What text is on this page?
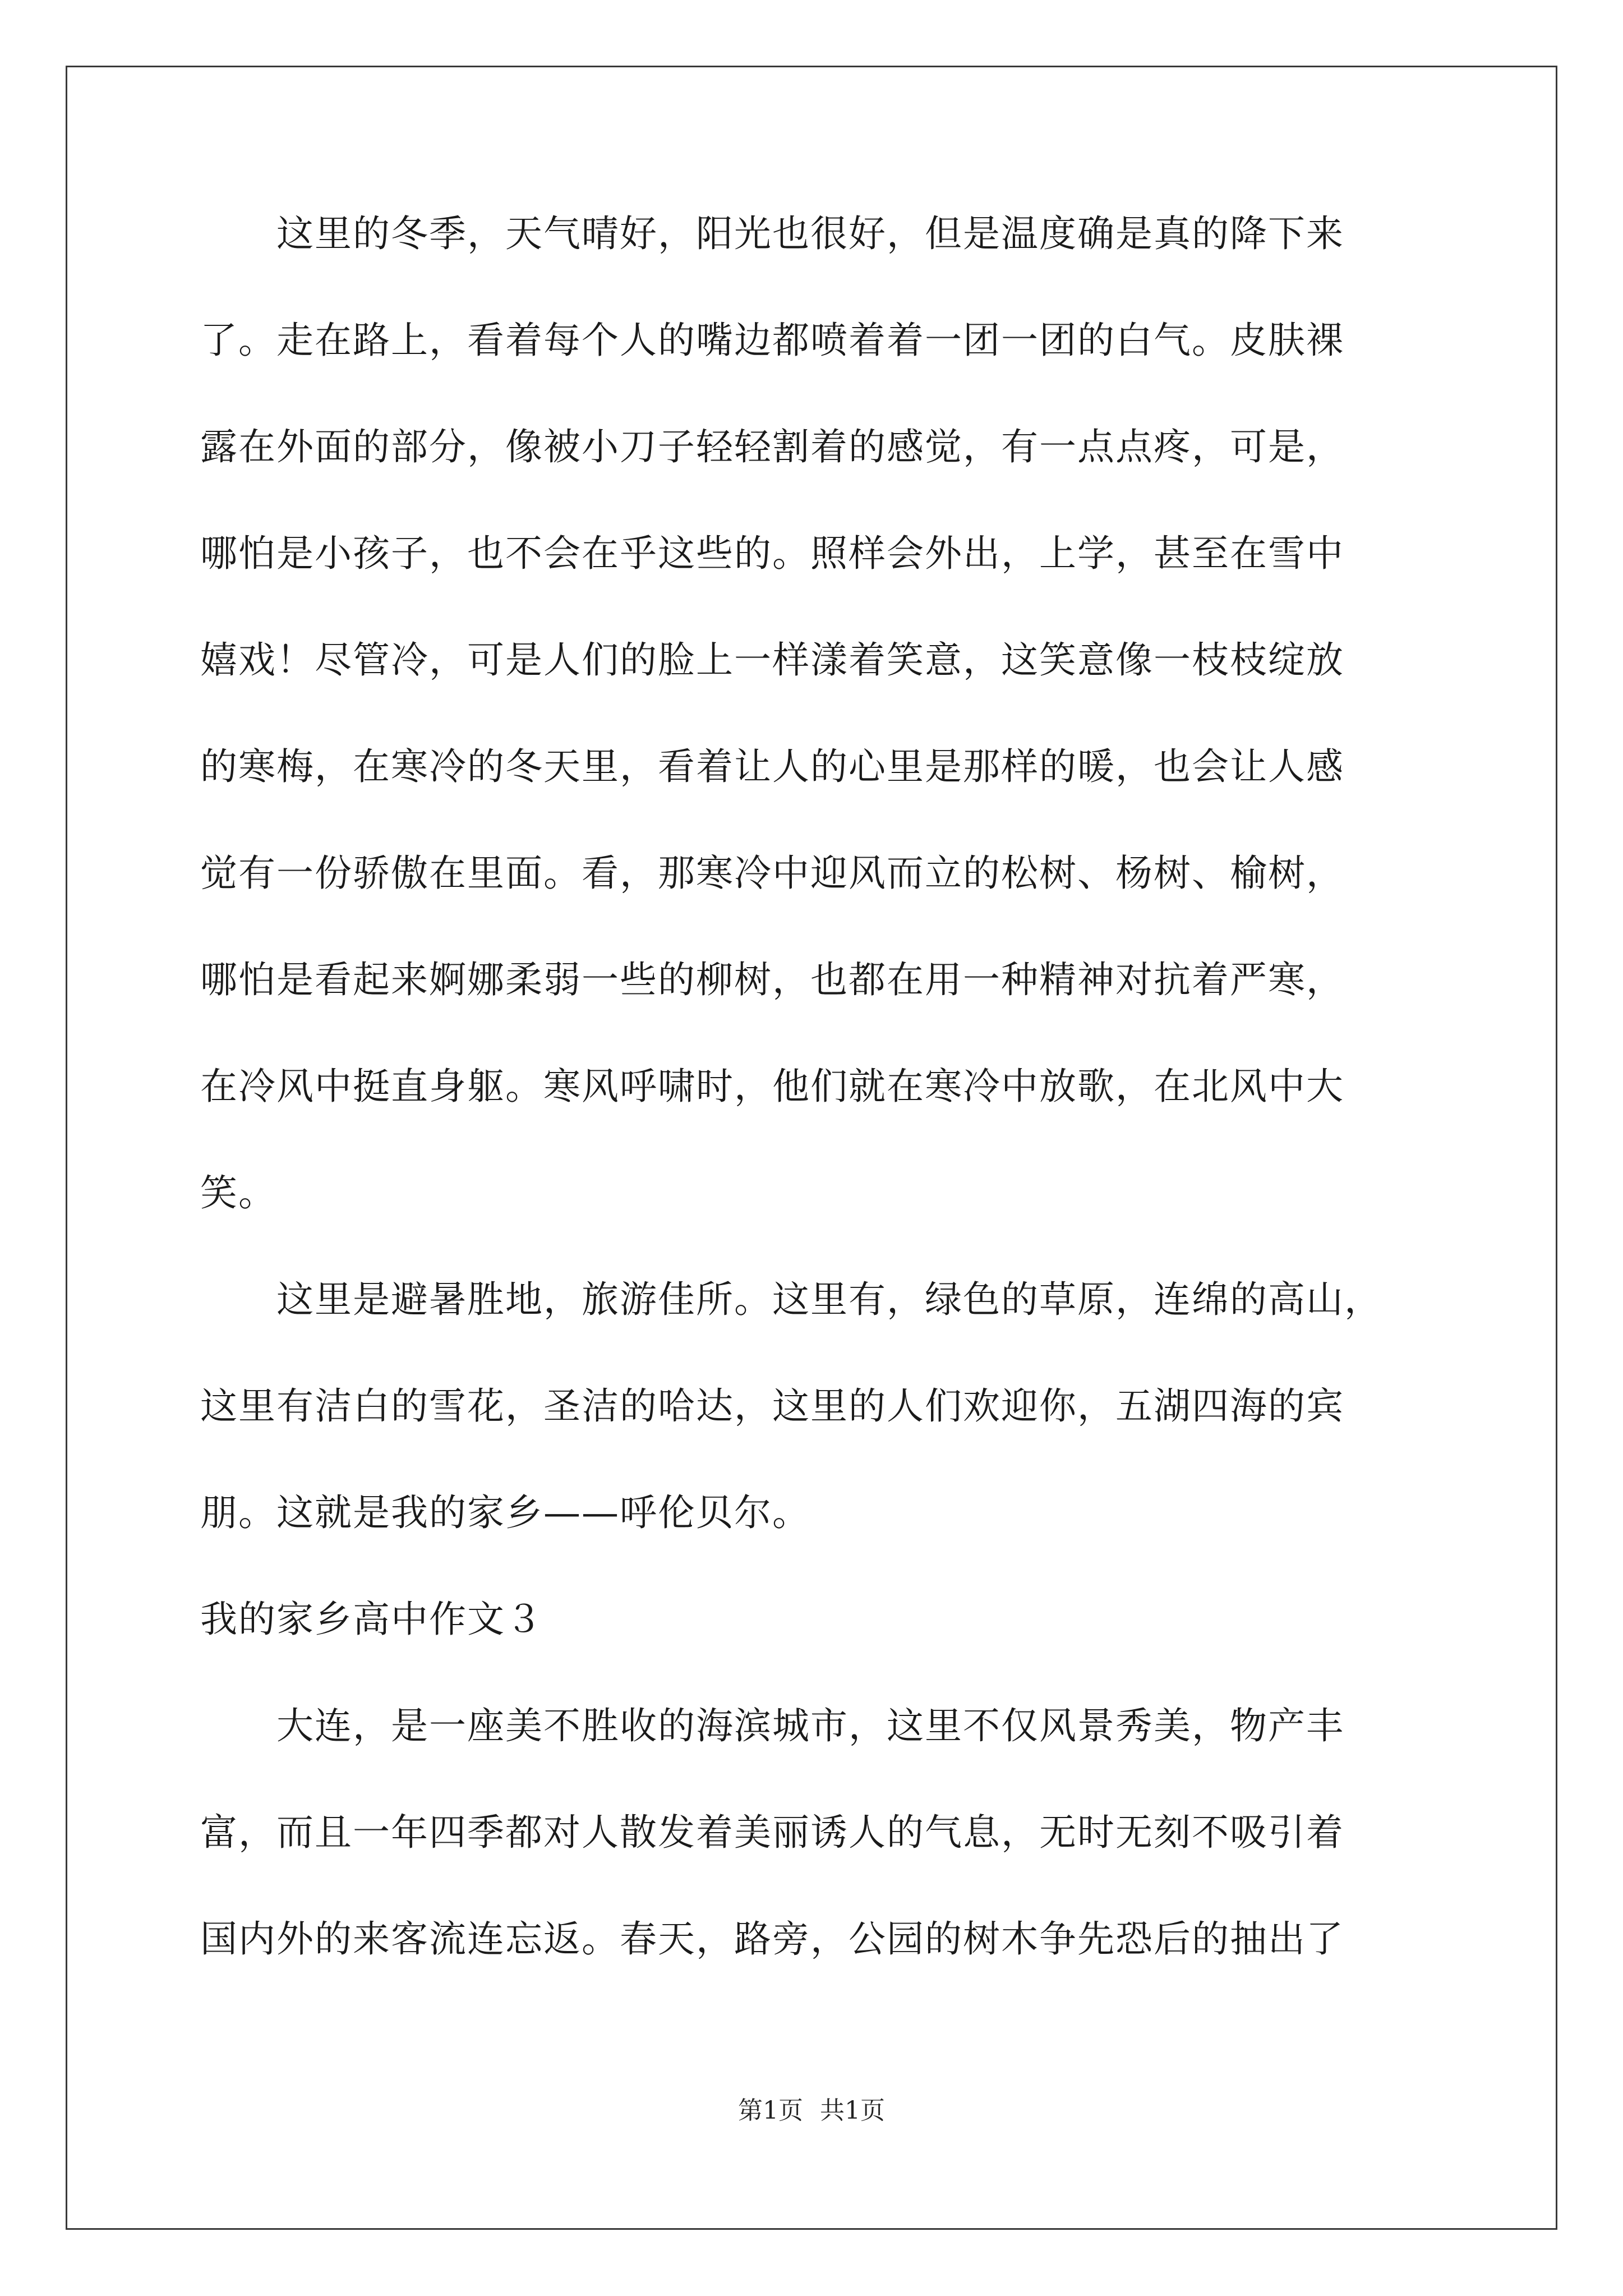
　　这里的冬季，天气晴好，阳光也很好，但是温度确是真的降下来
了。走在路上，看着每个人的嘴边都喷着着一团一团的白气。皮肤裸
露在外面的部分，像被小刀子轻轻割着的感觉，有一点点疼，可是，
哪怕是小孩子，也不会在乎这些的。照样会外出，上学，甚至在雪中
嬉戏！尽管冷，可是人们的脸上一样漾着笑意，这笑意像一枝枝绽放
的寒梅，在寒冷的冬天里，看着让人的心里是那样的暖，也会让人感
觉有一份骄傲在里面。看，那寒冷中迎风而立的松树、杨树、榆树，
哪怕是看起来婀娜柔弱一些的柳树，也都在用一种精神对抗着严寒，
在冷风中挺直身躯。寒风呼啸时，他们就在寒冷中放歌，在北风中大
笑。
　　这里是避暑胜地，旅游佳所。这里有，绿色的草原，连绵的高山，
这里有洁白的雪花，圣洁的哈达，这里的人们欢迎你，五湖四海的宾
朋。这就是我的家乡——呼伦贝尔。
我的家乡高中作文３
　　大连，是一座美不胜收的海滨城市，这里不仅风景秀美，物产丰
富，而且一年四季都对人散发着美丽诱人的气息，无时无刻不吸引着
国内外的来客流连忘返。春天，路旁，公园的树木争先恐后的抽出了
第1页 共1页
